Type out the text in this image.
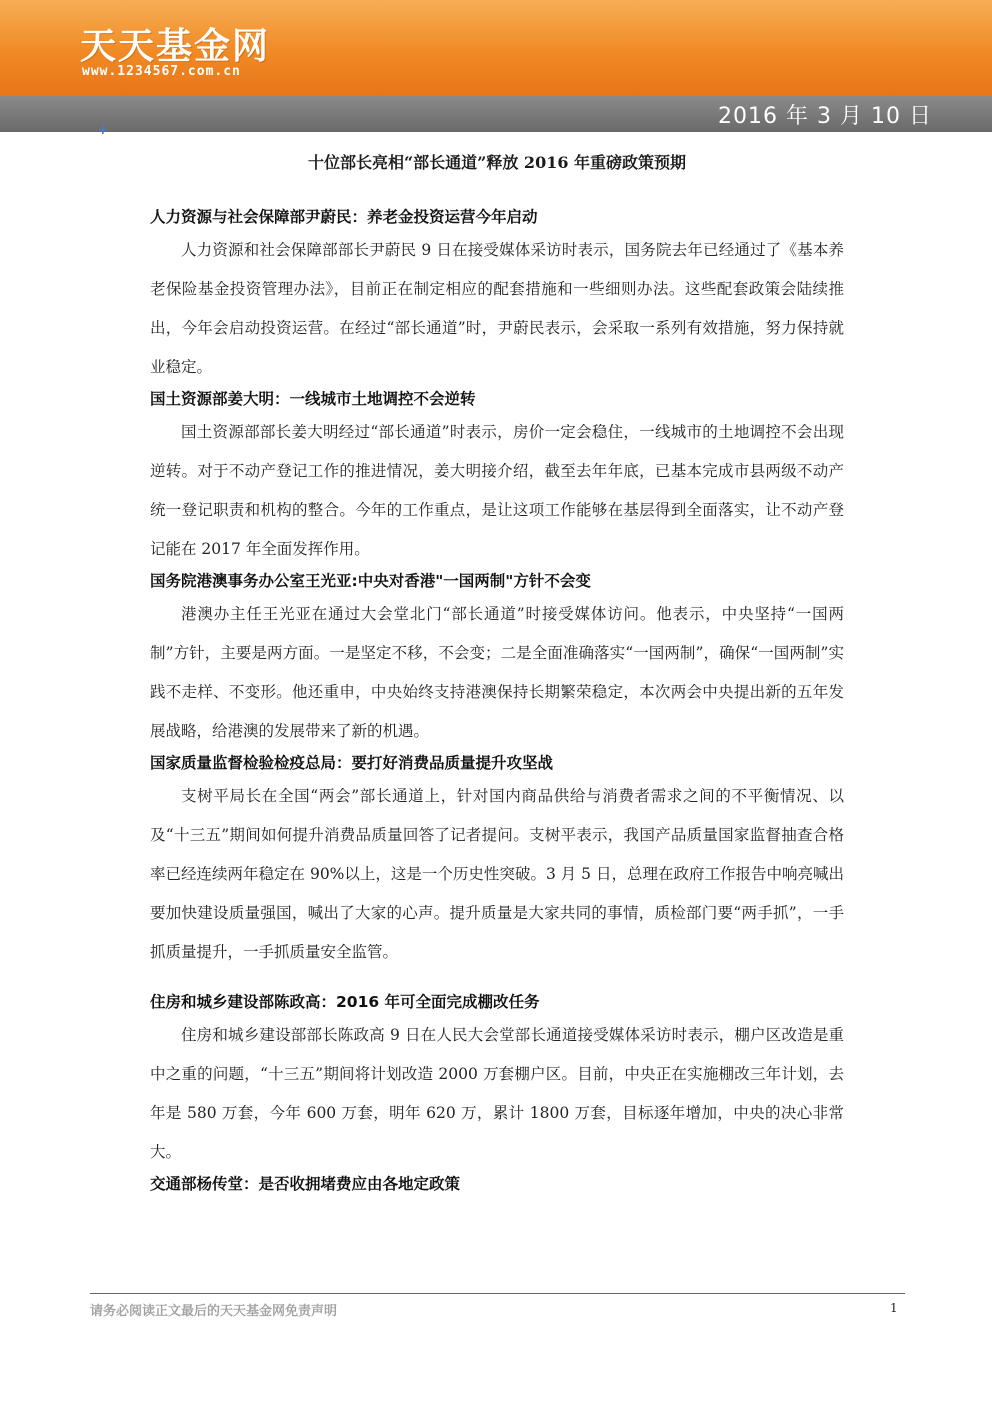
天天基金网
www.1234567.com.cn
2016 年 3 月 10 日
+
十位部长亮相“部长通道”释放 2016 年重磅政策预期
人力资源与社会保障部尹蔚民：养老金投资运营今年启动

人力资源和社会保障部部长尹蔚民 9 日在接受媒体采访时表示，国务院去年已经通过了《基本养老保险基金投资管理办法》，目前正在制定相应的配套措施和一些细则办法。这些配套政策会陆续推出，今年会启动投资运营。在经过“部长通道”时，尹蔚民表示，会采取一系列有效措施，努力保持就业稳定。

国土资源部姜大明：一线城市土地调控不会逆转

国土资源部部长姜大明经过“部长通道”时表示，房价一定会稳住，一线城市的土地调控不会出现逆转。对于不动产登记工作的推进情况，姜大明接介绍，截至去年年底，已基本完成市县两级不动产统一登记职责和机构的整合。今年的工作重点，是让这项工作能够在基层得到全面落实，让不动产登记能在 2017 年全面发挥作用。

国务院港澳事务办公室王光亚:中央对香港"一国两制"方针不会变

港澳办主任王光亚在通过大会堂北门“部长通道”时接受媒体访问。他表示，中央坚持“一国两制”方针，主要是两方面。一是坚定不移，不会变；二是全面准确落实“一国两制”，确保“一国两制”实践不走样、不变形。他还重申，中央始终支持港澳保持长期繁荣稳定，本次两会中央提出新的五年发展战略，给港澳的发展带来了新的机遇。

国家质量监督检验检疫总局：要打好消费品质量提升攻坚战

支树平局长在全国“两会”部长通道上，针对国内商品供给与消费者需求之间的不平衡情况、以及“十三五”期间如何提升消费品质量回答了记者提问。支树平表示，我国产品质量国家监督抽查合格率已经连续两年稳定在 90%以上，这是一个历史性突破。3 月 5 日，总理在政府工作报告中响亮喊出要加快建设质量强国，喊出了大家的心声。提升质量是大家共同的事情，质检部门要“两手抓”，一手抓质量提升，一手抓质量安全监管。

住房和城乡建设部陈政高：2016 年可全面完成棚改任务

住房和城乡建设部部长陈政高 9 日在人民大会堂部长通道接受媒体采访时表示，棚户区改造是重中之重的问题，“十三五”期间将计划改造 2000 万套棚户区。目前，中央正在实施棚改三年计划，去年是 580 万套，今年 600 万套，明年 620 万，累计 1800 万套，目标逐年增加，中央的决心非常大。

交通部杨传堂：是否收拥堵费应由各地定政策
请务必阅读正文最后的天天基金网免责声明	1
